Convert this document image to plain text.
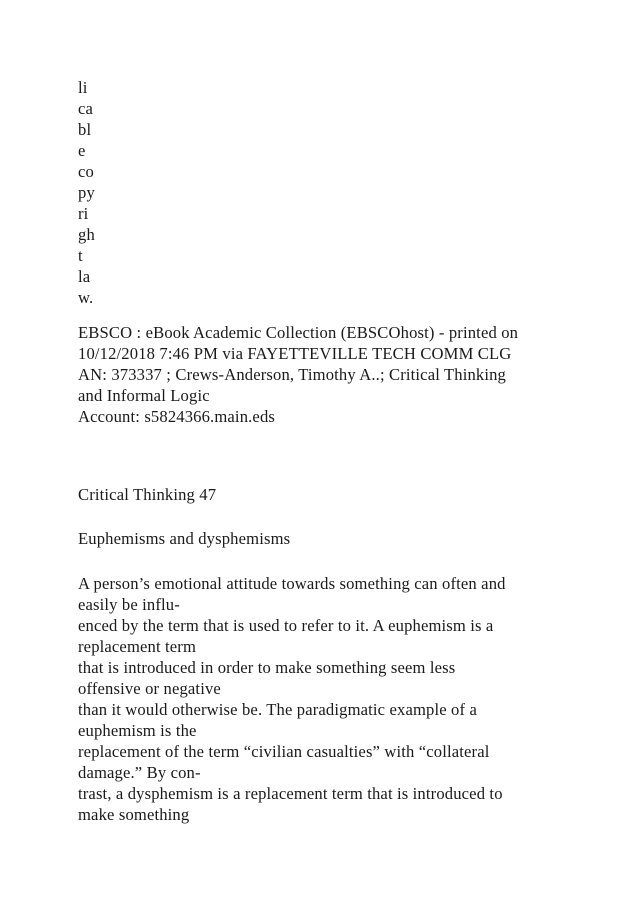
li
ca
bl
e
co
py
ri
gh
t
la
w.
EBSCO : eBook Academic Collection (EBSCOhost) - printed on
10/12/2018 7:46 PM via FAYETTEVILLE TECH COMM CLG
AN: 373337 ; Crews-Anderson, Timothy A..; Critical Thinking
and Informal Logic
Account: s5824366.main.eds
Critical Thinking 47
Euphemisms and dysphemisms
A person’s emotional attitude towards something can often and
easily be influ-
enced by the term that is used to refer to it. A euphemism is a
replacement term
that is introduced in order to make something seem less
offensive or negative
than it would otherwise be. The paradigmatic example of a
euphemism is the
replacement of the term “civilian casualties” with “collateral
damage.” By con-
trast, a dysphemism is a replacement term that is introduced to
make something
